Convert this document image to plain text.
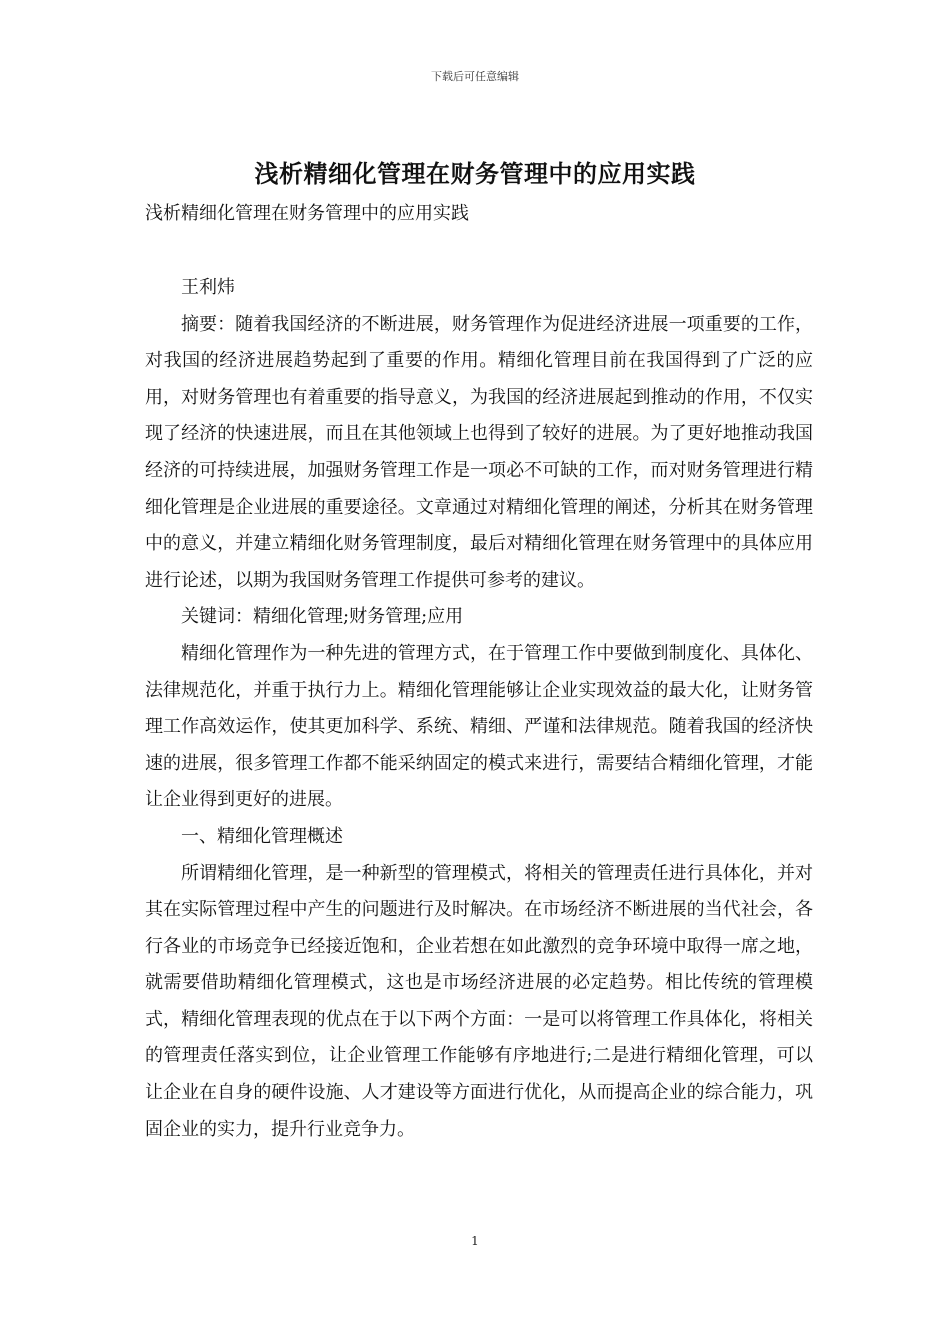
下载后可任意编辑
浅析精细化管理在财务管理中的应用实践
浅析精细化管理在财务管理中的应用实践

王利炜

摘要：随着我国经济的不断进展，财务管理作为促进经济进展一项重要的工作，对我国的经济进展趋势起到了重要的作用。精细化管理目前在我国得到了广泛的应用，对财务管理也有着重要的指导意义，为我国的经济进展起到推动的作用，不仅实现了经济的快速进展，而且在其他领域上也得到了较好的进展。为了更好地推动我国经济的可持续进展，加强财务管理工作是一项必不可缺的工作，而对财务管理进行精细化管理是企业进展的重要途径。文章通过对精细化管理的阐述，分析其在财务管理中的意义，并建立精细化财务管理制度，最后对精细化管理在财务管理中的具体应用进行论述，以期为我国财务管理工作提供可参考的建议。

关键词：精细化管理;财务管理;应用

精细化管理作为一种先进的管理方式，在于管理工作中要做到制度化、具体化、法律规范化，并重于执行力上。精细化管理能够让企业实现效益的最大化，让财务管理工作高效运作，使其更加科学、系统、精细、严谨和法律规范。随着我国的经济快速的进展，很多管理工作都不能采纳固定的模式来进行，需要结合精细化管理，才能让企业得到更好的进展。

一、精细化管理概述

所谓精细化管理，是一种新型的管理模式，将相关的管理责任进行具体化，并对其在实际管理过程中产生的问题进行及时解决。在市场经济不断进展的当代社会，各行各业的市场竞争已经接近饱和，企业若想在如此激烈的竞争环境中取得一席之地，就需要借助精细化管理模式，这也是市场经济进展的必定趋势。相比传统的管理模式，精细化管理表现的优点在于以下两个方面：一是可以将管理工作具体化，将相关的管理责任落实到位，让企业管理工作能够有序地进行;二是进行精细化管理，可以让企业在自身的硬件设施、人才建设等方面进行优化，从而提高企业的综合能力，巩固企业的实力，提升行业竞争力。

1
